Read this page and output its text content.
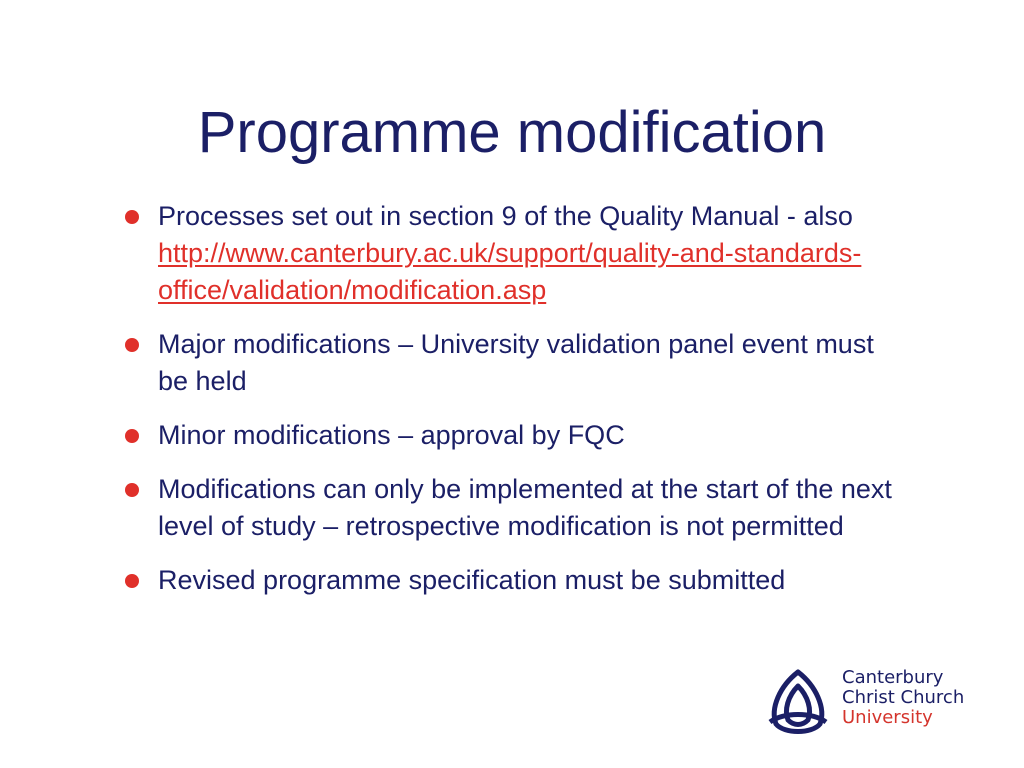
Programme modification
Processes set out in section 9 of the Quality Manual - also http://www.canterbury.ac.uk/support/quality-and-standards-office/validation/modification.asp
Major modifications – University validation panel event must be held
Minor modifications – approval by FQC
Modifications can only be implemented at the start of the next level of study – retrospective modification is not permitted
Revised programme specification must be submitted
Canterbury
Christ Church
University
